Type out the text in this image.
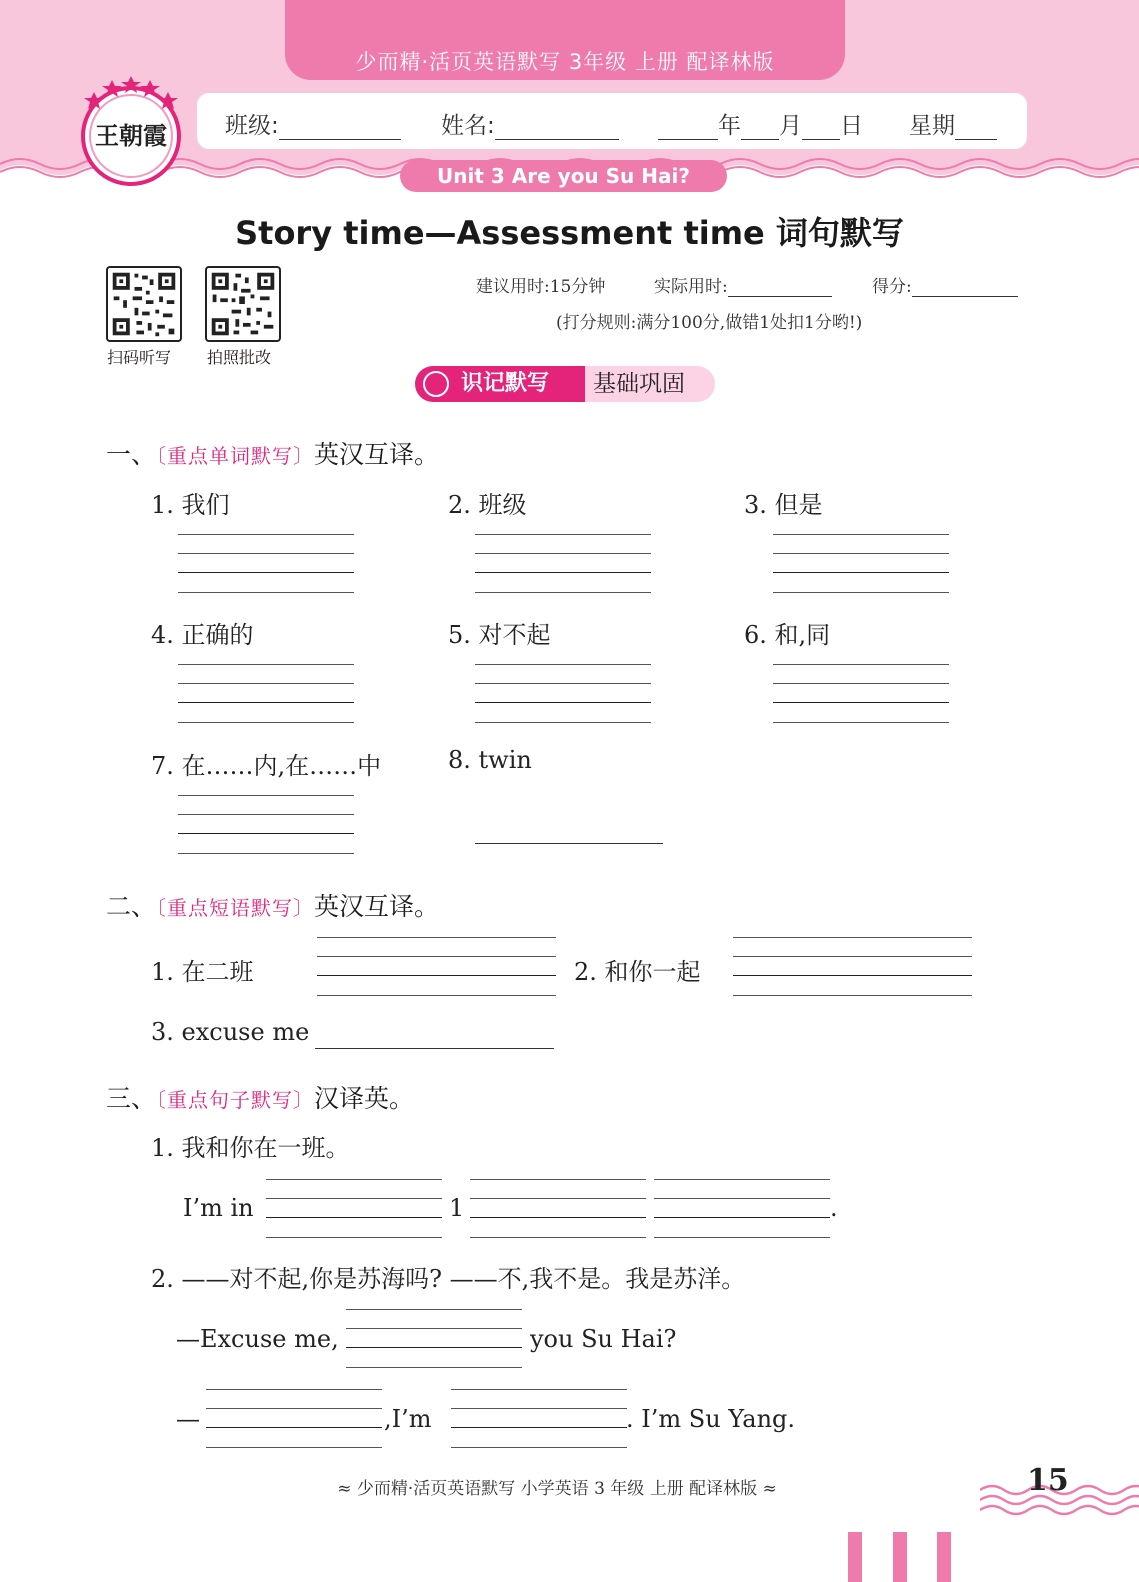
少而精·活页英语默写 3年级 上册 配译林版
班级:	姓名:	年 月 日 星期
Unit 3 Are you Su Hai?
王朝霞
Story time—Assessment time 词句默写
扫码听写 拍照批改
建议用时:15分钟	实际用时:	得分:
(打分规则:满分100分,做错1处扣1分哟!)
基础巩固
识记默写
一、〔重点单词默写〕英汉互译。
1. 我们	2. 班级	3. 但是
4. 正确的	5. 对不起	6. 和,同
7. 在……内,在……中	8. twin
二、〔重点短语默写〕英汉互译。
1. 在二班	2. 和你一起
3. excuse me
三、〔重点句子默写〕汉译英。
1. 我和你在一班。
I’m in	1	.
2. ——对不起,你是苏海吗? ——不,我不是。我是苏洋。
—Excuse me,	you Su Hai?
—	,I’m	. I’m Su Yang.
≈ 少而精·活页英语默写 小学英语 3 年级 上册 配译林版 ≈	15
